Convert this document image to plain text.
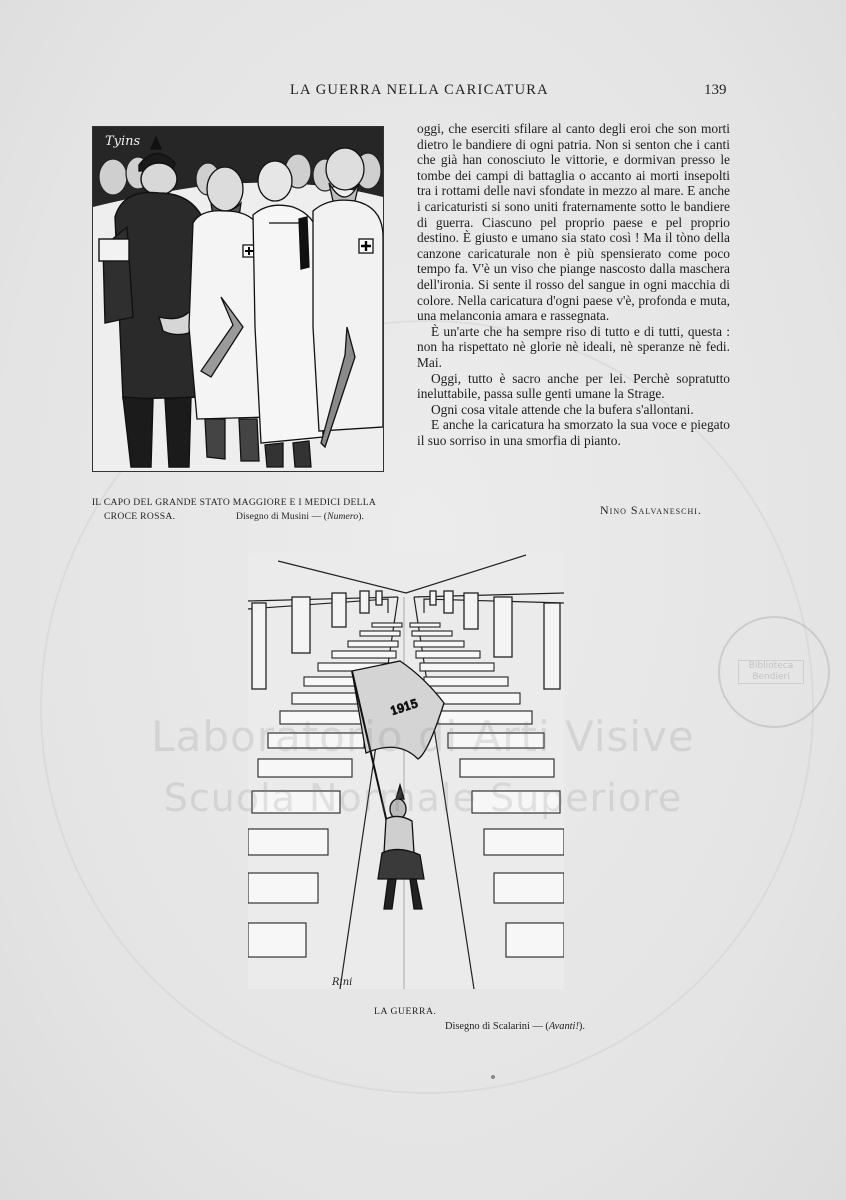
LA GUERRA NELLA CARICATURA	139
Tyins
IL CAPO DEL GRANDE STATO MAGGIORE E I MEDICI DELLA
CROCE ROSSA.	Disegno di Musini — (Numero).

oggi, che eserciti sfilare al canto degli eroi che son morti dietro le bandiere di ogni patria. Non si senton che i canti che già han conosciuto le vittorie, e dormivan presso le tombe dei campi di battaglia o accanto ai morti insepolti tra i rottami delle navi sfondate in mezzo al mare. E anche i caricaturisti si sono uniti fraternamente sotto le bandiere di guerra. Ciascuno pel proprio paese e pel proprio destino. È giusto e umano sia stato così ! Ma il tòno della canzone caricaturale non è più spensierato come poco tempo fa. V'è un viso che piange nascosto dalla maschera dell'ironia. Si sente il rosso del sangue in ogni macchia di colore. Nella caricatura d'ogni paese v'è, profonda e muta, una melanconia amara e rassegnata.

È un'arte che ha sempre riso di tutto e di tutti, questa : non ha rispettato nè glorie nè ideali, nè speranze nè fedi. Mai.

Oggi, tutto è sacro anche per lei. Perchè sopratutto ineluttabile, passa sulle genti umane la Strage.

Ogni cosa vitale attende che la bufera s'allontani.

E anche la caricatura ha smorzato la sua voce e piegato il suo sorriso in una smorfia di pianto.

Nino Salvaneschi.
1915
Rini
LA GUERRA.
Disegno di Scalarini — (Avanti!).
Visive
Scuola Superiore
Biblioteca Bendieri
